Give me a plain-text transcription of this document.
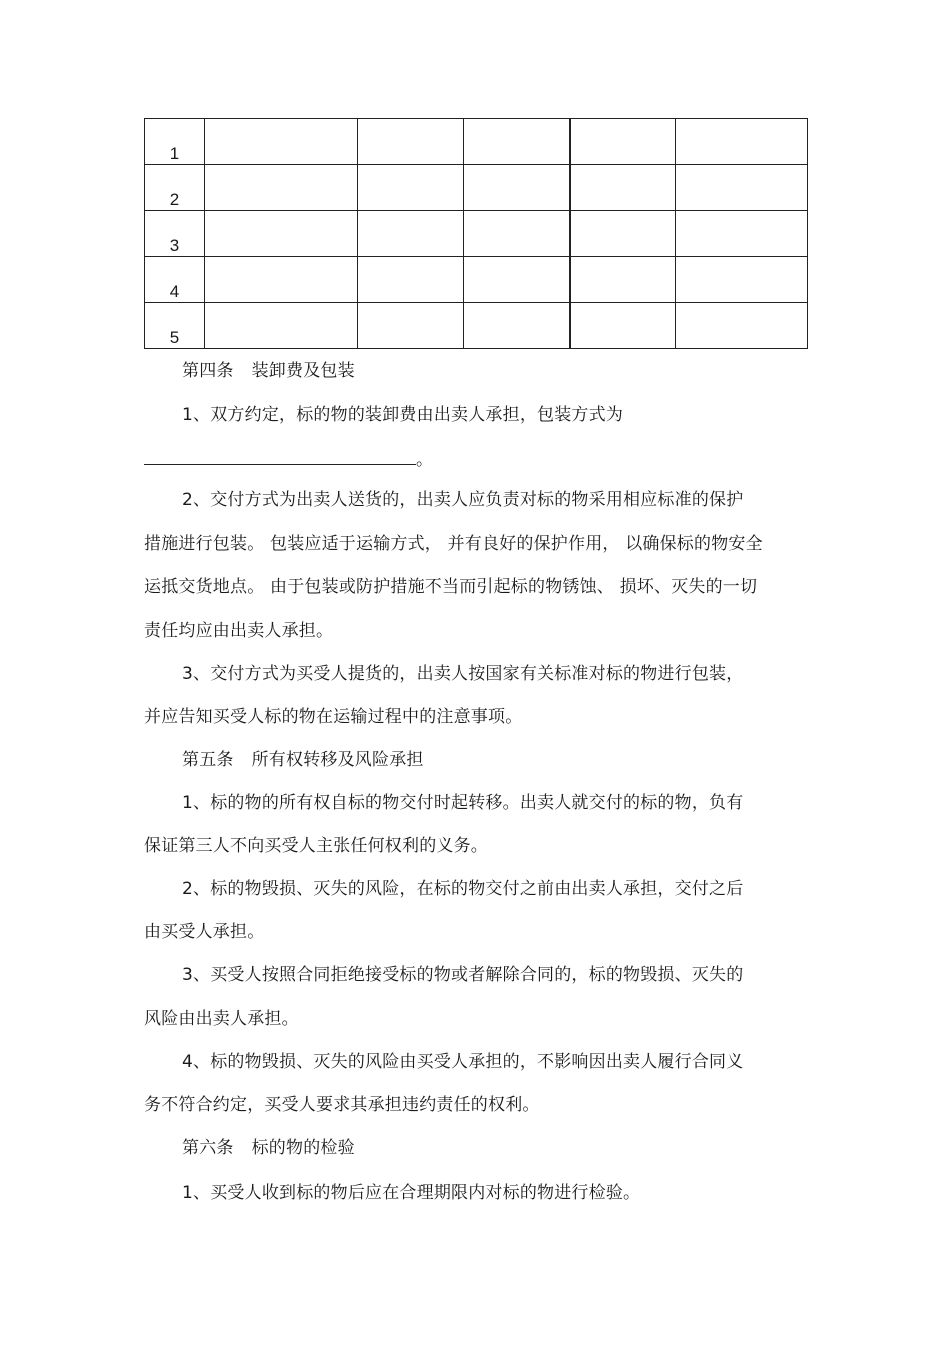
1					
2					
3					
4					
5					
第四条 装卸费及包装
1、双方约定，标的物的装卸费由出卖人承担，包装方式为
。
2、交付方式为出卖人送货的，出卖人应负责对标的物采用相应标准的保护
措施进行包装。 包装应适于运输方式， 并有良好的保护作用， 以确保标的物安全
运抵交货地点。 由于包装或防护措施不当而引起标的物锈蚀、 损坏、灭失的一切
责任均应由出卖人承担。
3、交付方式为买受人提货的，出卖人按国家有关标准对标的物进行包装，
并应告知买受人标的物在运输过程中的注意事项。
第五条 所有权转移及风险承担
1、标的物的所有权自标的物交付时起转移。出卖人就交付的标的物，负有
保证第三人不向买受人主张任何权利的义务。
2、标的物毁损、灭失的风险，在标的物交付之前由出卖人承担，交付之后
由买受人承担。
3、买受人按照合同拒绝接受标的物或者解除合同的，标的物毁损、灭失的
风险由出卖人承担。
4、标的物毁损、灭失的风险由买受人承担的，不影响因出卖人履行合同义
务不符合约定，买受人要求其承担违约责任的权利。
第六条 标的物的检验
1、买受人收到标的物后应在合理期限内对标的物进行检验。
